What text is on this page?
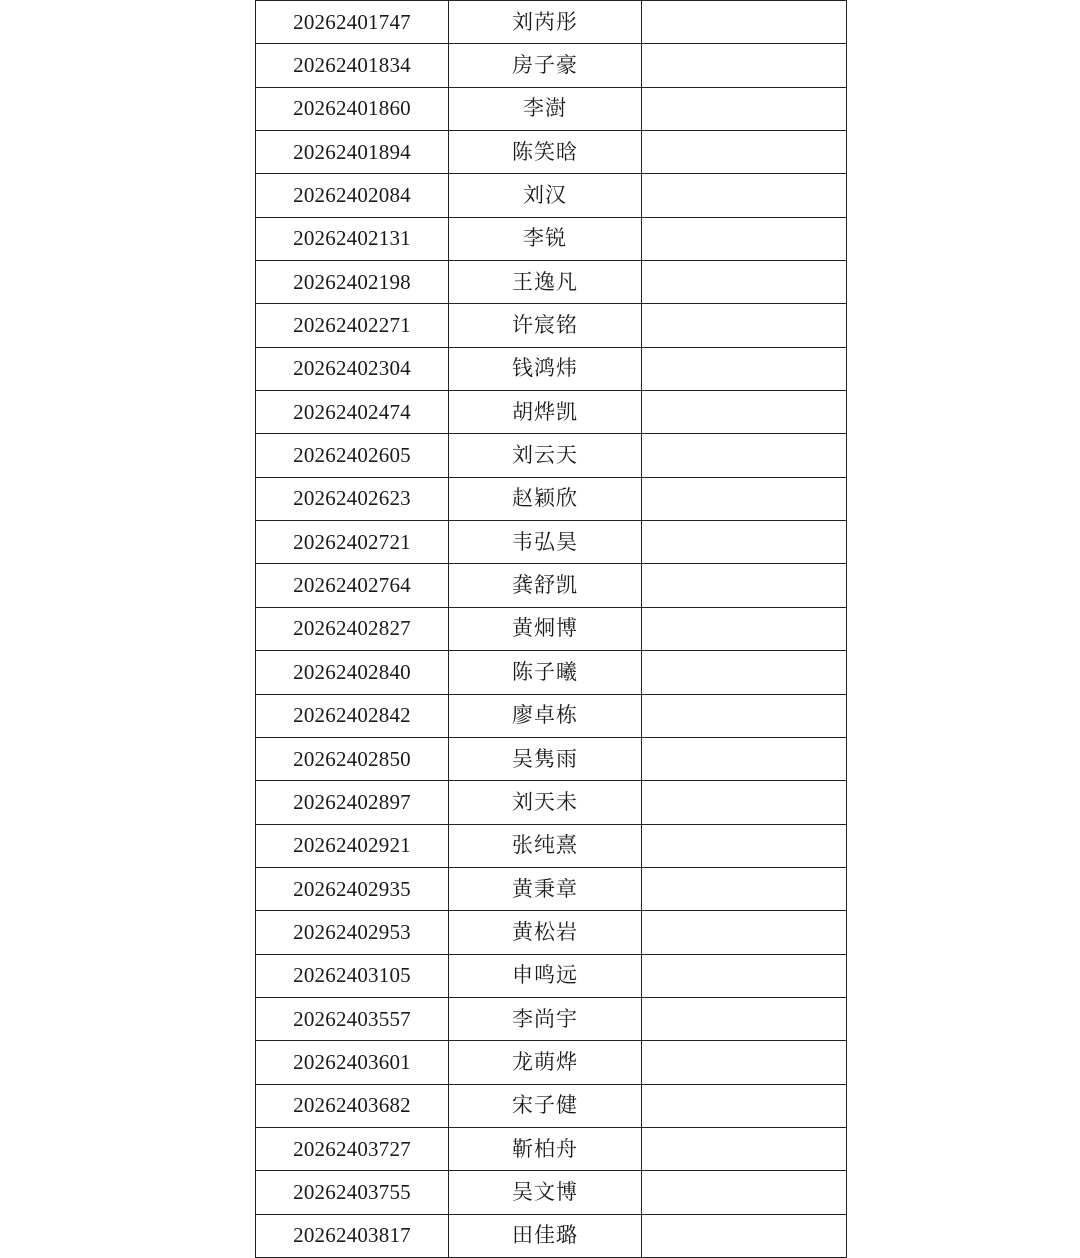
20262401747	刘芮彤
20262401834	房子豪
20262401860	李澍
20262401894	陈笑晗
20262402084	刘汉
20262402131	李锐
20262402198	王逸凡
20262402271	许宸铭
20262402304	钱鸿炜
20262402474	胡烨凯
20262402605	刘云天
20262402623	赵颖欣
20262402721	韦弘昊
20262402764	龚舒凯
20262402827	黄炯博
20262402840	陈子曦
20262402842	廖卓栋
20262402850	吴隽雨
20262402897	刘天未
20262402921	张纯熹
20262402935	黄秉章
20262402953	黄松岩
20262403105	申鸣远
20262403557	李尚宇
20262403601	龙萌烨
20262403682	宋子健
20262403727	靳柏舟
20262403755	吴文博
20262403817	田佳璐
